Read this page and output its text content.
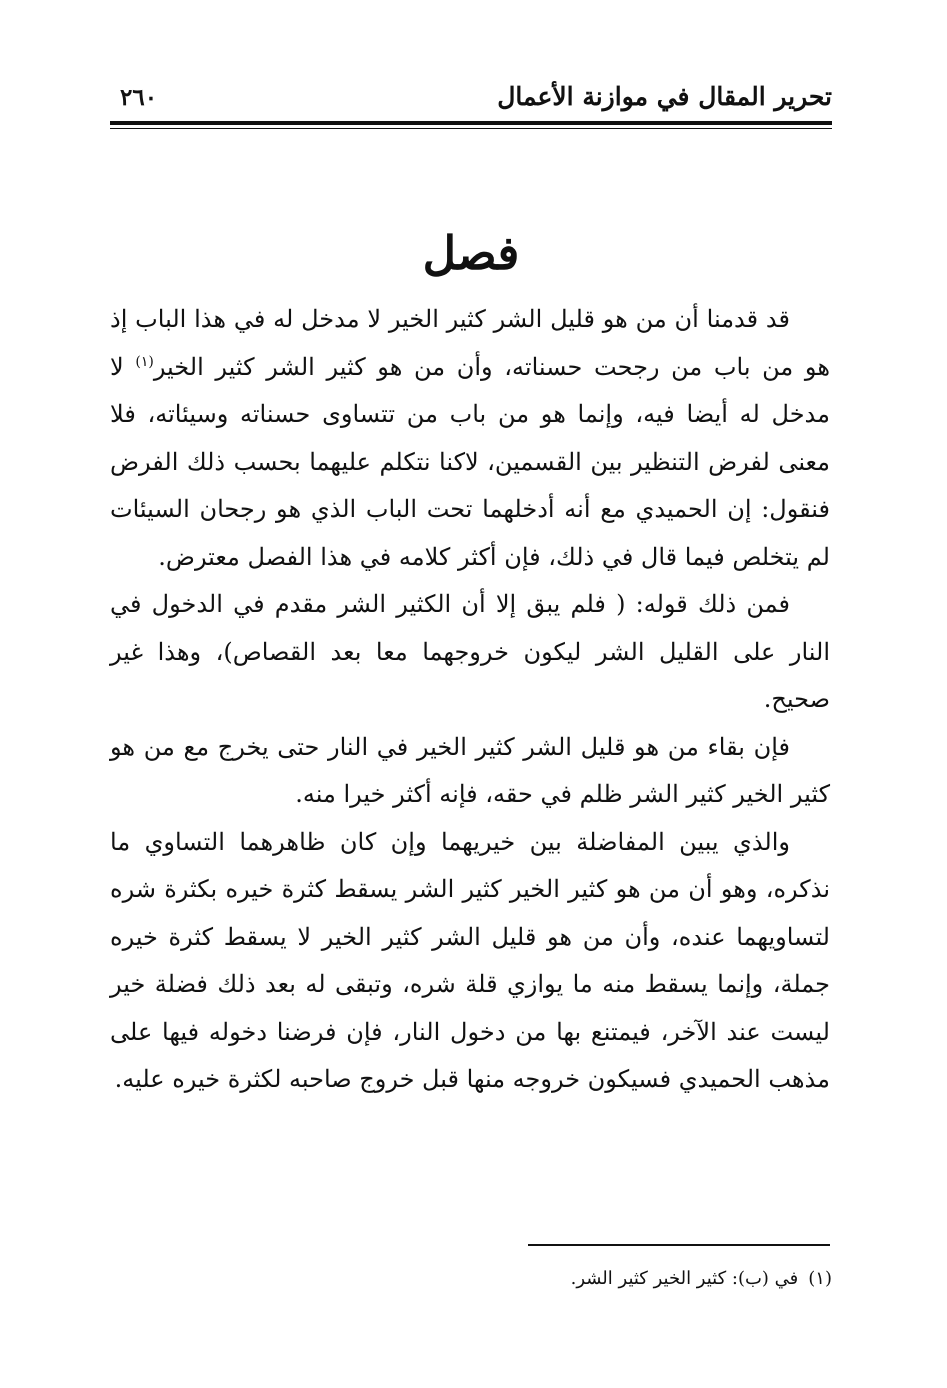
تحرير المقال في موازنة الأعمال
٢٦٠
فصل

قد قدمنا أن من هو قليل الشر كثير الخير لا مدخل له في هذا الباب إذ هو من باب من رجحت حسناته، وأن من هو كثير الشر كثير الخير$^{(١)}$ لا مدخل له أيضا فيه، وإنما هو من باب من تتساوى حسناته وسيئاته، فلا معنى لفرض التنظير بين القسمين، لاكنا نتكلم عليهما بحسب ذلك الفرض فنقول: إن الحميدي مع أنه أدخلهما تحت الباب الذي هو رجحان السيئات لم يتخلص فيما قال في ذلك، فإن أكثر كلامه في هذا الفصل معترض.

فمن ذلك قوله: ( فلم يبق إلا أن الكثير الشر مقدم في الدخول في النار على القليل الشر ليكون خروجهما معا بعد القصاص)، وهذا غير صحيح.

فإن بقاء من هو قليل الشر كثير الخير في النار حتى يخرج مع من هو كثير الخير كثير الشر ظلم في حقه، فإنه أكثر خيرا منه.

والذي يبين المفاضلة بين خيريهما وإن كان ظاهرهما التساوي ما نذكره، وهو أن من هو كثير الخير كثير الشر يسقط كثرة خيره بكثرة شره لتساويهما عنده، وأن من هو قليل الشر كثير الخير لا يسقط كثرة خيره جملة، وإنما يسقط منه ما يوازي قلة شره، وتبقى له بعد ذلك فضلة خير ليست عند الآخر، فيمتنع بها من دخول النار، فإن فرضنا دخوله فيها على مذهب الحميدي فسيكون خروجه منها قبل خروج صاحبه لكثرة خيره عليه.

(١)في (ب): كثير الخير كثير الشر.
